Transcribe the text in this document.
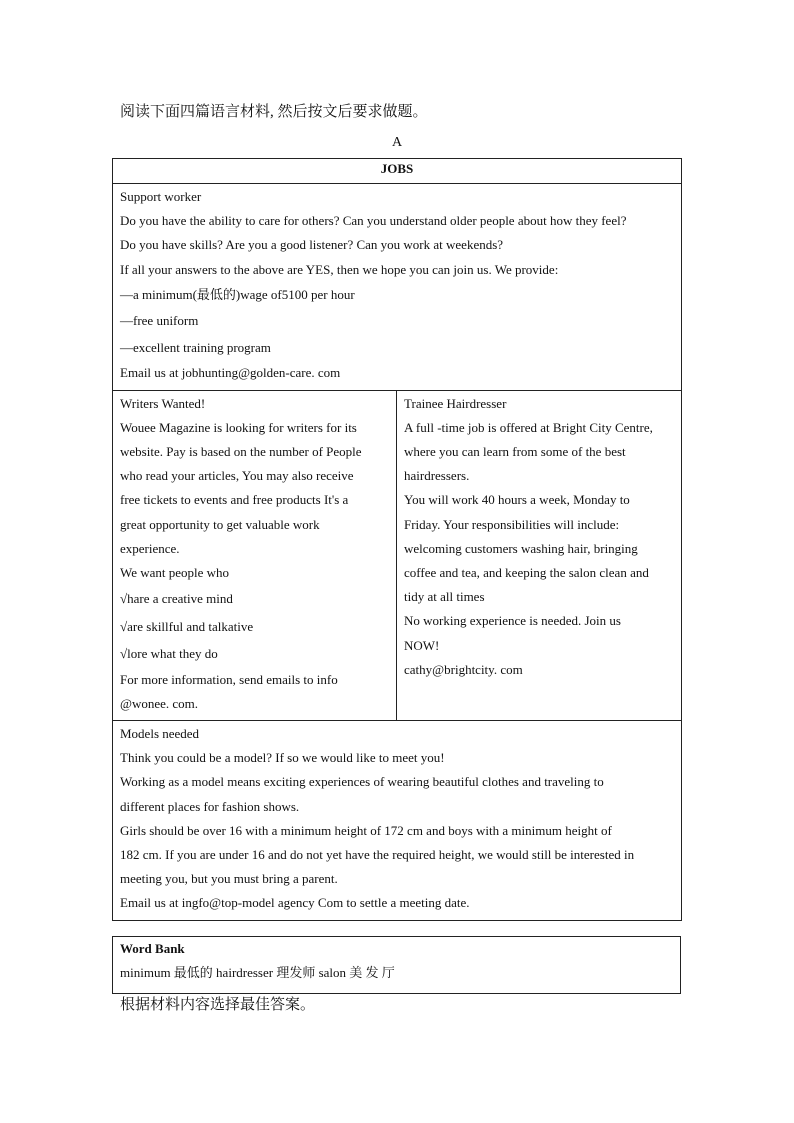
阅读下面四篇语言材料, 然后按文后要求做题。
A
JOBS

Support worker
Do you have the ability to care for others? Can you understand older people about how they feel?
Do you have skills? Are you a good listener? Can you work at weekends?
If all your answers to the above are YES, then we hope you can join us. We provide:
—a minimum(最低的)wage of5100 per hour
—free uniform
—excellent training program
Email us at jobhunting@golden-care. com

Writers Wanted!
Wouee Magazine is looking for writers for its
website. Pay is based on the number of People
who read your articles, You may also receive
free tickets to events and free products It's a
great opportunity to get valuable work
experience.
We want people who
√hare a creative mind
√are skillful and talkative
√lore what they do
For more information, send emails to info
@wonee. com.

Trainee Hairdresser
A full -time job is offered at Bright City Centre,
where you can learn from some of the best
hairdressers.
You will work 40 hours a week, Monday to
Friday. Your responsibilities will include:
welcoming customers washing hair, bringing
coffee and tea, and keeping the salon clean and
tidy at all times
No working experience is needed. Join us
NOW!
cathy@brightcity. com

Models needed
Think you could be a model? If so we would like to meet you!
Working as a model means exciting experiences of wearing beautiful clothes and traveling to
different places for fashion shows.
Girls should be over 16 with a minimum height of 172 cm and boys with a minimum height of
182 cm. If you are under 16 and do not yet have the required height, we would still be interested in
meeting you, but you must bring a parent.
Email us at ingfo@top-model agency Com to settle a meeting date.
Word Bank
minimum 最低的 hairdresser 理发师 salon 美 发 厅
根据材料内容选择最佳答案。
